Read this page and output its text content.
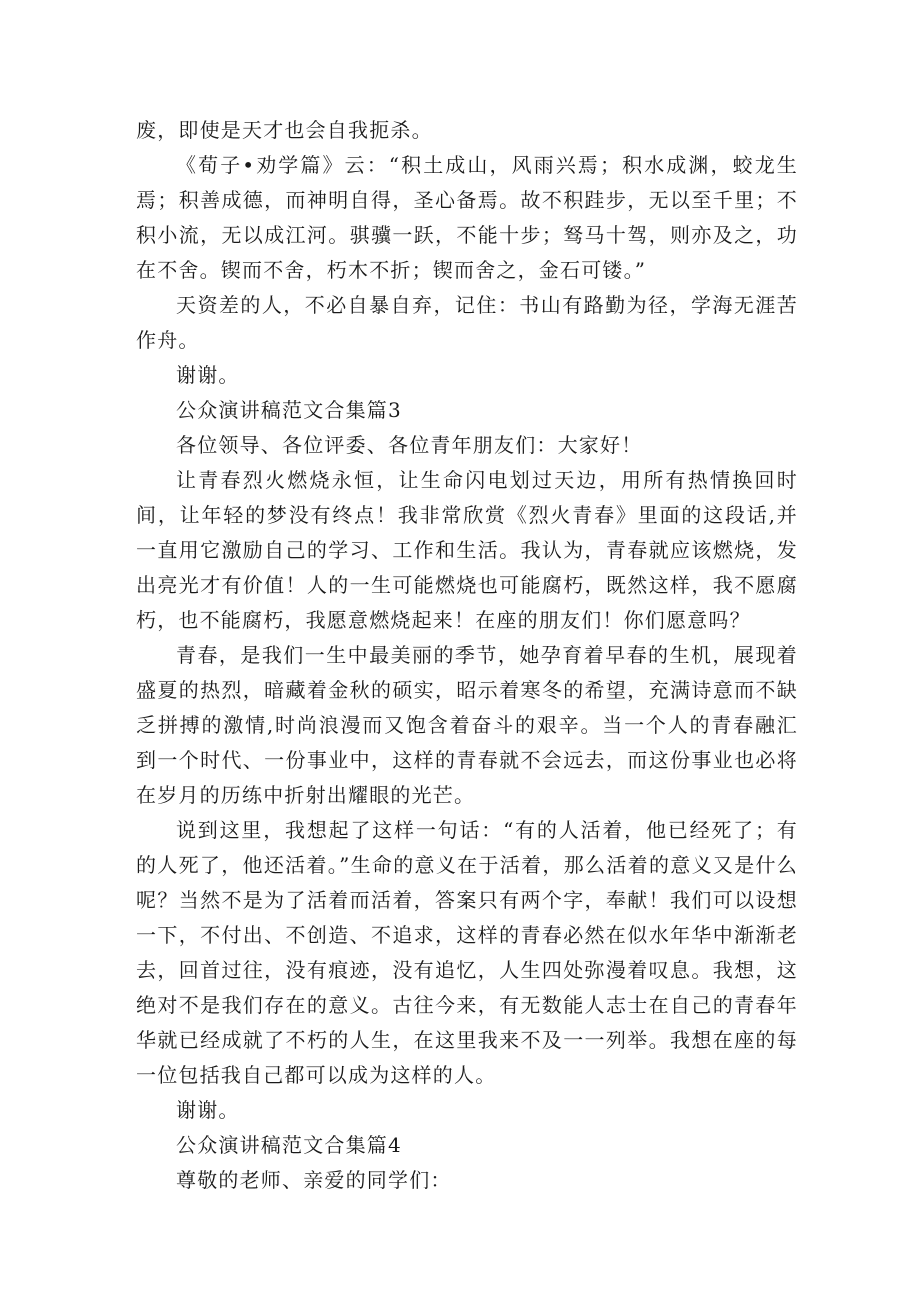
废，即使是天才也会自我扼杀。

《荀子•劝学篇》云：“积土成山，风雨兴焉；积水成渊，蛟龙生焉；积善成德，而神明自得，圣心备焉。故不积跬步，无以至千里；不积小流，无以成江河。骐骥一跃，不能十步；驽马十驾，则亦及之，功在不舍。锲而不舍，朽木不折；锲而舍之，金石可镂。”

天资差的人，不必自暴自弃，记住：书山有路勤为径，学海无涯苦作舟。

谢谢。

公众演讲稿范文合集篇3

各位领导、各位评委、各位青年朋友们：大家好！

让青春烈火燃烧永恒，让生命闪电划过天边，用所有热情换回时间，让年轻的梦没有终点！我非常欣赏《烈火青春》里面的这段话,并一直用它激励自己的学习、工作和生活。我认为，青春就应该燃烧，发出亮光才有价值！人的一生可能燃烧也可能腐朽，既然这样，我不愿腐朽，也不能腐朽，我愿意燃烧起来！在座的朋友们！你们愿意吗？

青春，是我们一生中最美丽的季节，她孕育着早春的生机，展现着盛夏的热烈，暗藏着金秋的硕实，昭示着寒冬的希望，充满诗意而不缺乏拼搏的激情,时尚浪漫而又饱含着奋斗的艰辛。当一个人的青春融汇到一个时代、一份事业中，这样的青春就不会远去，而这份事业也必将在岁月的历练中折射出耀眼的光芒。

说到这里，我想起了这样一句话：“有的人活着，他已经死了；有的人死了，他还活着。”生命的意义在于活着，那么活着的意义又是什么呢？当然不是为了活着而活着，答案只有两个字，奉献！我们可以设想一下，不付出、不创造、不追求，这样的青春必然在似水年华中渐渐老去，回首过往，没有痕迹，没有追忆，人生四处弥漫着叹息。我想，这绝对不是我们存在的意义。古往今来，有无数能人志士在自己的青春年华就已经成就了不朽的人生，在这里我来不及一一列举。我想在座的每一位包括我自己都可以成为这样的人。

谢谢。

公众演讲稿范文合集篇4

尊敬的老师、亲爱的同学们：
